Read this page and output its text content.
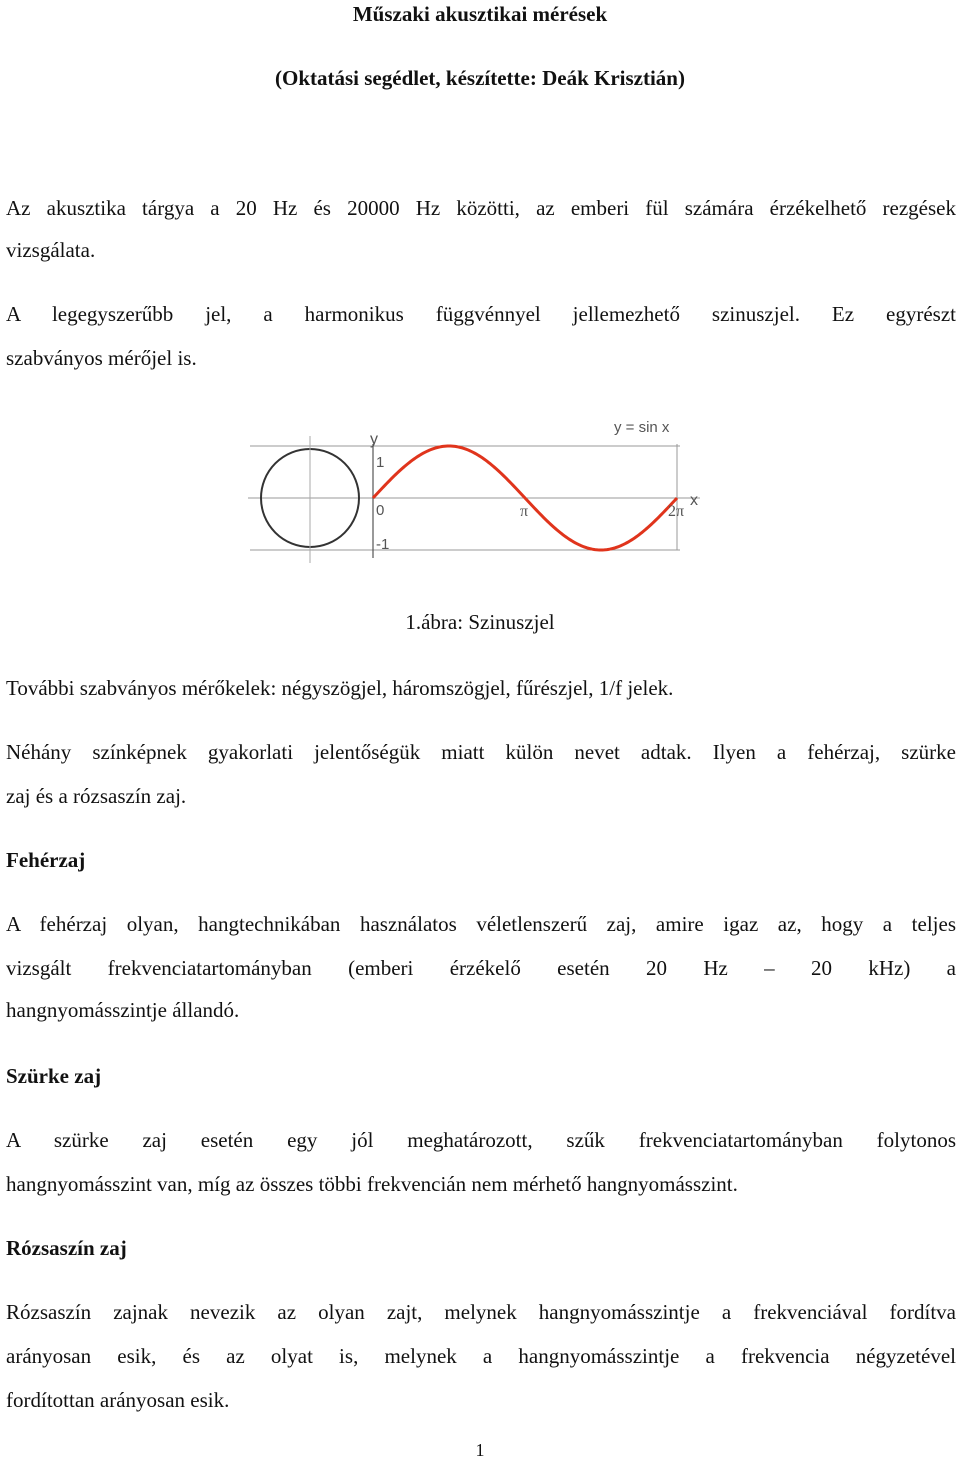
Műszaki akusztikai mérések
(Oktatási segédlet, készítette: Deák Krisztián)
Az akusztika tárgya a 20 Hz és 20000 Hz közötti, az emberi fül számára érzékelhető rezgések
vizsgálata.
A legegyszerűbb jel, a harmonikus függvénnyel jellemezhető szinuszjel. Ez egyrészt
szabványos mérőjel is.
y
1
0
-1
π	2π
x
y = sin x
1.ábra: Szinuszjel
További szabványos mérőkelek: négyszögjel, háromszögjel, fűrészjel, 1/f jelek.
Néhány színképnek gyakorlati jelentőségük miatt külön nevet adtak. Ilyen a fehérzaj, szürke
zaj és a rózsaszín zaj.
Fehérzaj
A fehérzaj olyan, hangtechnikában használatos véletlenszerű zaj, amire igaz az, hogy a teljes
vizsgált frekvenciatartományban (emberi érzékelő esetén 20 Hz – 20 kHz) a
hangnyomásszintje állandó.
Szürke zaj
A szürke zaj esetén egy jól meghatározott, szűk frekvenciatartományban folytonos
hangnyomásszint van, míg az összes többi frekvencián nem mérhető hangnyomásszint.
Rózsaszín zaj
Rózsaszín zajnak nevezik az olyan zajt, melynek hangnyomásszintje a frekvenciával fordítva
arányosan esik, és az olyat is, melynek a hangnyomásszintje a frekvencia négyzetével
fordítottan arányosan esik.
1
